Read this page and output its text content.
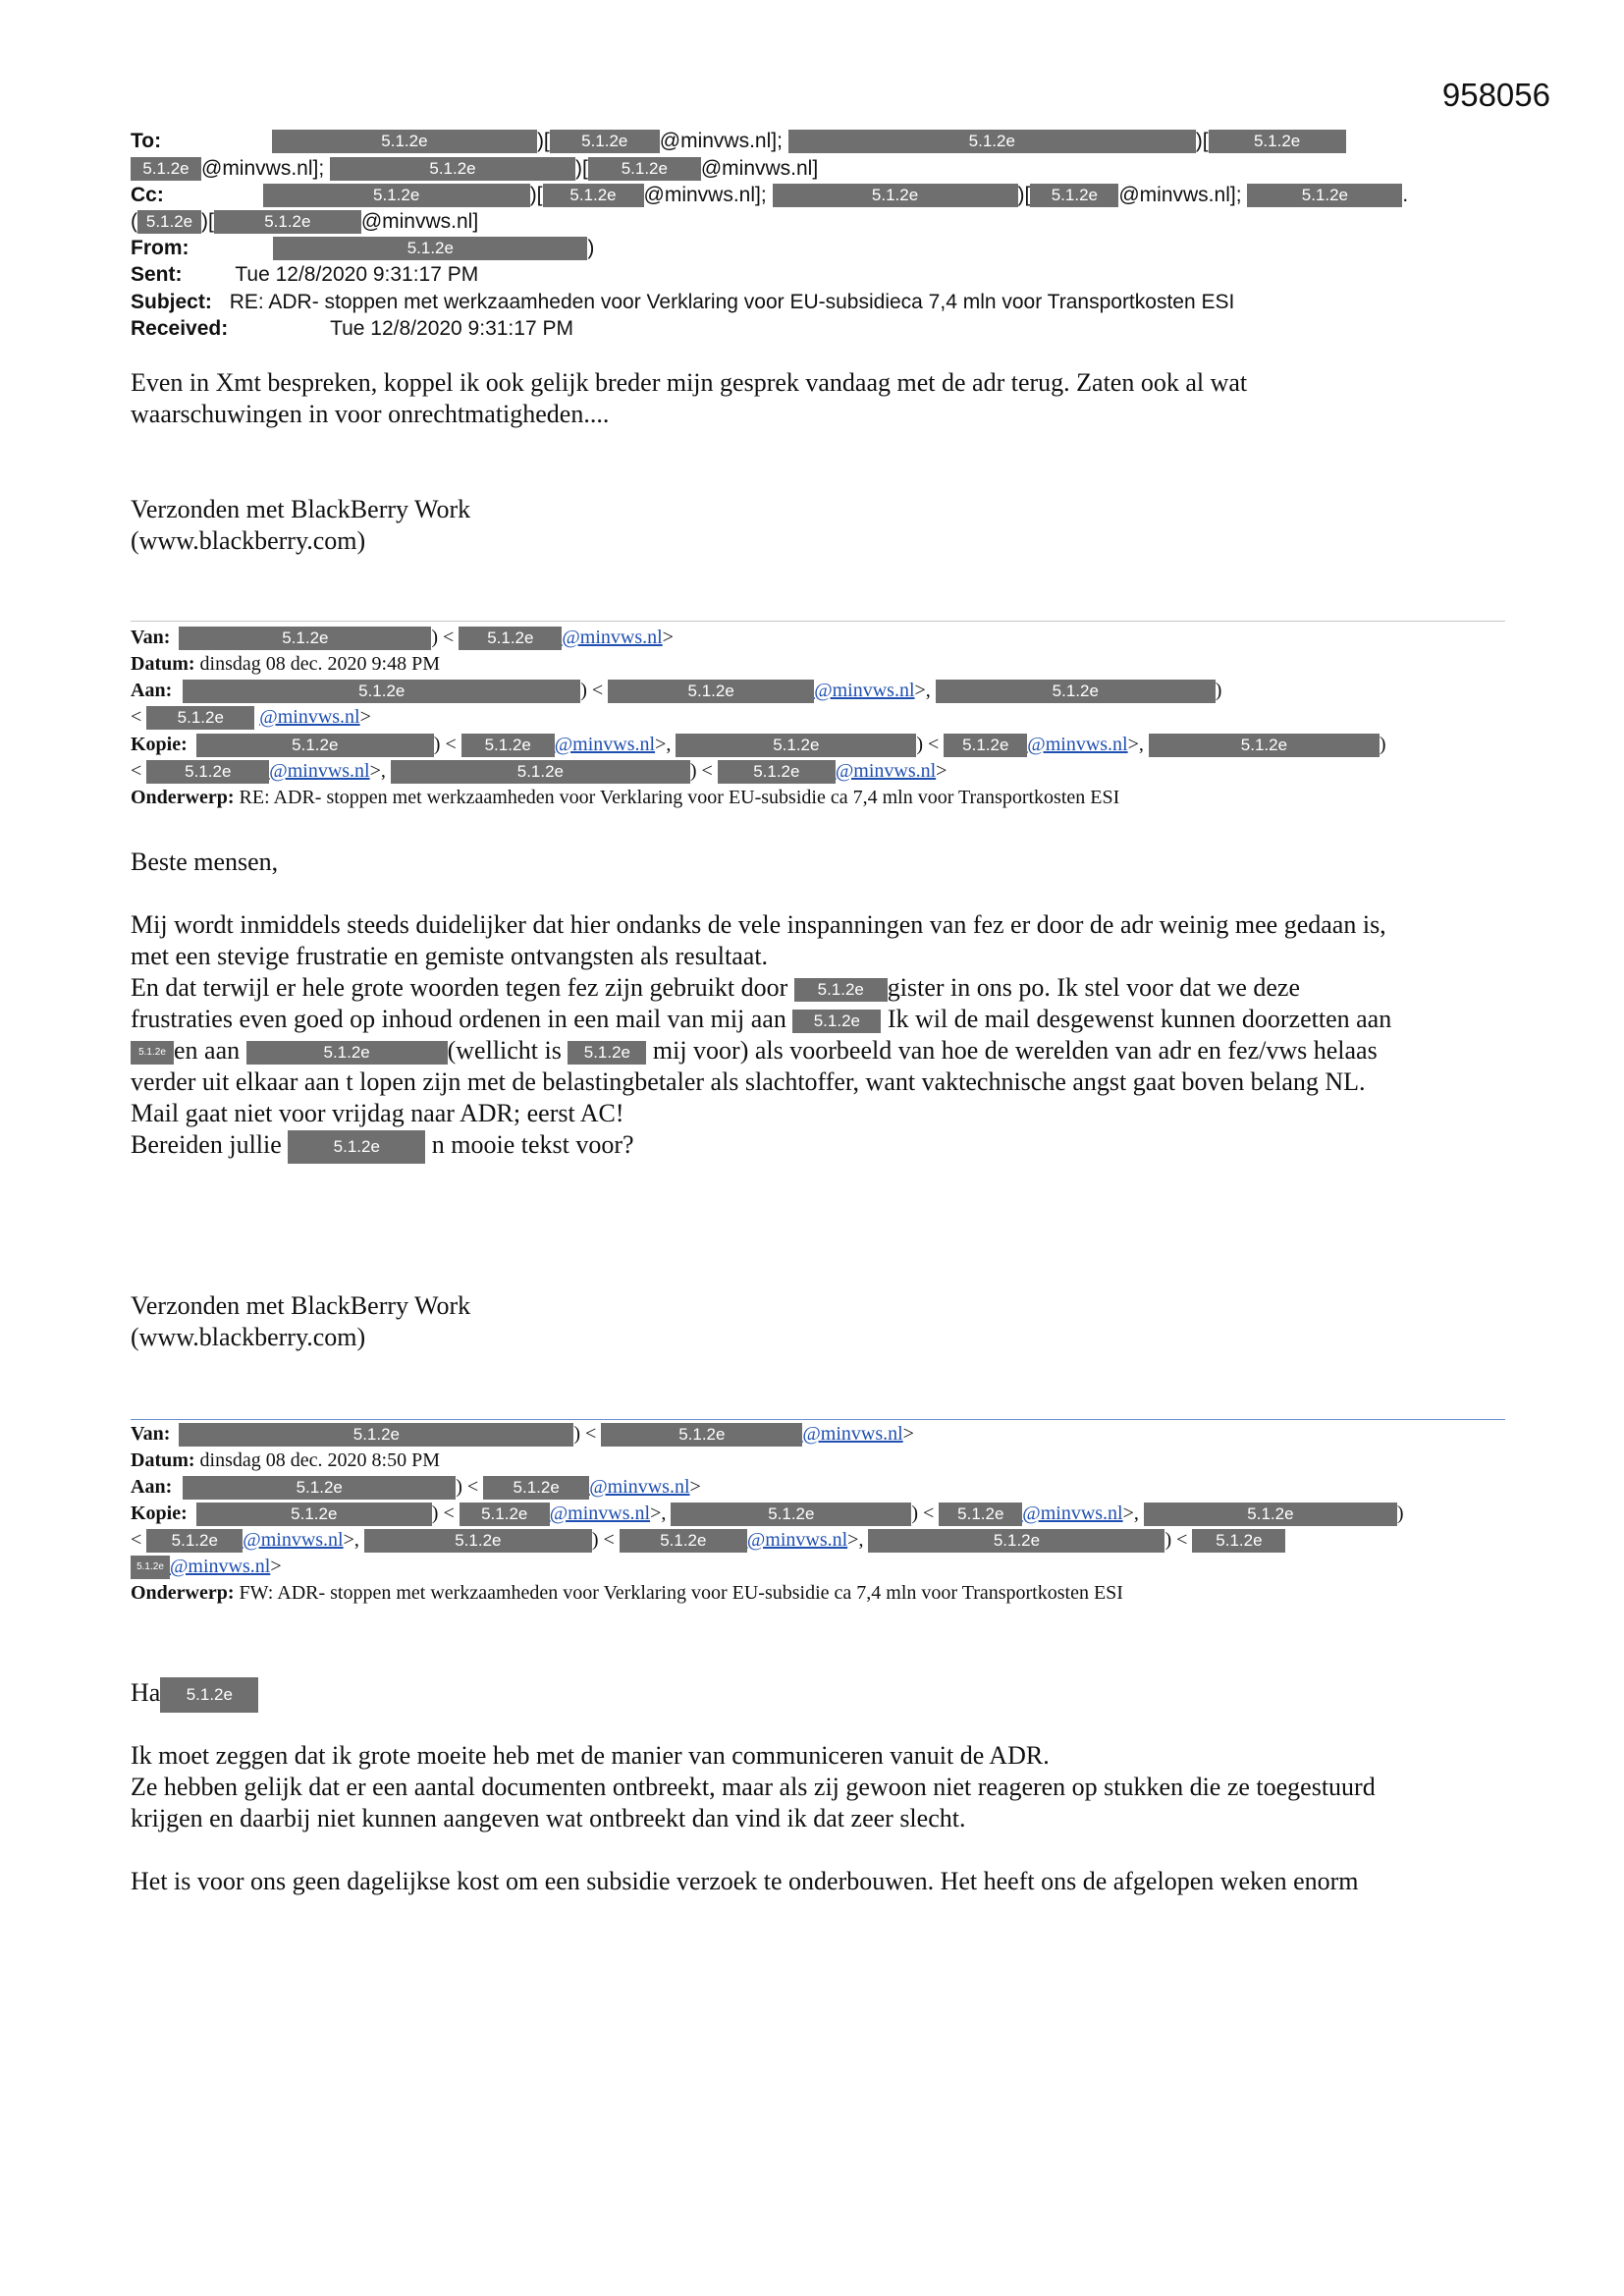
958056
To:	5.1.2e	)[ 5.1.2e @minvws.nl];	5.1.2e	)[	5.1.2e
5.1.2e @minvws.nl];	5.1.2e	)[ 5.1.2e @minvws.nl]
Cc:	5.1.2e	)[ 5.1.2e @minvws.nl];	5.1.2e	)[ 5.1.2e @minvws.nl];	5.1.2e	.
( 5.1.2e )[	5.1.2e @minvws.nl]
From:	5.1.2e	)
Sent:	Tue 12/8/2020 9:31:17 PM
Subject: RE: ADR- stoppen met werkzaamheden voor Verklaring voor EU-subsidieca 7,4 mln voor Transportkosten ESI
Received:	Tue 12/8/2020 9:31:17 PM

Even in Xmt bespreken, koppel ik ook gelijk breder mijn gesprek vandaag met de adr terug. Zaten ook al wat

waarschuwingen in voor onrechtmatigheden....

Verzonden met BlackBerry Work

(www.blackberry.com)

Van:	5.1.2e	) < 5.1.2e @minvws.nl>
Datum: dinsdag 08 dec. 2020 9:48 PM
Aan:	5.1.2e	) <	5.1.2e	@minvws.nl>,	5.1.2e	)
< 5.1.2e @minvws.nl>
Kopie:	5.1.2e	) < 5.1.2e @minvws.nl>,	5.1.2e	) < 5.1.2e @minvws.nl>,	5.1.2e	)
< 5.1.2e @minvws.nl>,	5.1.2e	) < 5.1.2e @minvws.nl>
Onderwerp: RE: ADR- stoppen met werkzaamheden voor Verklaring voor EU-subsidie ca 7,4 mln voor Transportkosten ESI

Beste mensen,

Mij wordt inmiddels steeds duidelijker dat hier ondanks de vele inspanningen van fez er door de adr weinig mee gedaan is,

met een stevige frustratie en gemiste ontvangsten als resultaat.

En dat terwijl er hele grote woorden tegen fez zijn gebruikt door 5.1.2e gister in ons po. Ik stel voor dat we deze

frustraties even goed op inhoud ordenen in een mail van mij aan 5.1.2e Ik wil de mail desgewenst kunnen doorzetten aan

5.1.2e en aan	5.1.2e	(wellicht is 5.1.2e mij voor) als voorbeeld van hoe de werelden van adr en fez/vws helaas

verder uit elkaar aan t lopen zijn met de belastingbetaler als slachtoffer, want vaktechnische angst gaat boven belang NL.

Mail gaat niet voor vrijdag naar ADR; eerst AC!

Bereiden jullie	5.1.2e n mooie tekst voor?

Verzonden met BlackBerry Work

(www.blackberry.com)

Van:	5.1.2e	) <	5.1.2e	@minvws.nl>
Datum: dinsdag 08 dec. 2020 8:50 PM
Aan:	5.1.2e	) < 5.1.2e @minvws.nl>
Kopie:	5.1.2e	) < 5.1.2e @minvws.nl>,	5.1.2e	) < 5.1.2e @minvws.nl>,	5.1.2e	)
< 5.1.2e @minvws.nl>,	5.1.2e	) < 5.1.2e @minvws.nl>,	5.1.2e	) < 5.1.2e
5.1.2e @minvws.nl>
Onderwerp: FW: ADR- stoppen met werkzaamheden voor Verklaring voor EU-subsidie ca 7,4 mln voor Transportkosten ESI

Ha 5.1.2e

Ik moet zeggen dat ik grote moeite heb met de manier van communiceren vanuit de ADR.

Ze hebben gelijk dat er een aantal documenten ontbreekt, maar als zij gewoon niet reageren op stukken die ze toegestuurd

krijgen en daarbij niet kunnen aangeven wat ontbreekt dan vind ik dat zeer slecht.

Het is voor ons geen dagelijkse kost om een subsidie verzoek te onderbouwen. Het heeft ons de afgelopen weken enorm
